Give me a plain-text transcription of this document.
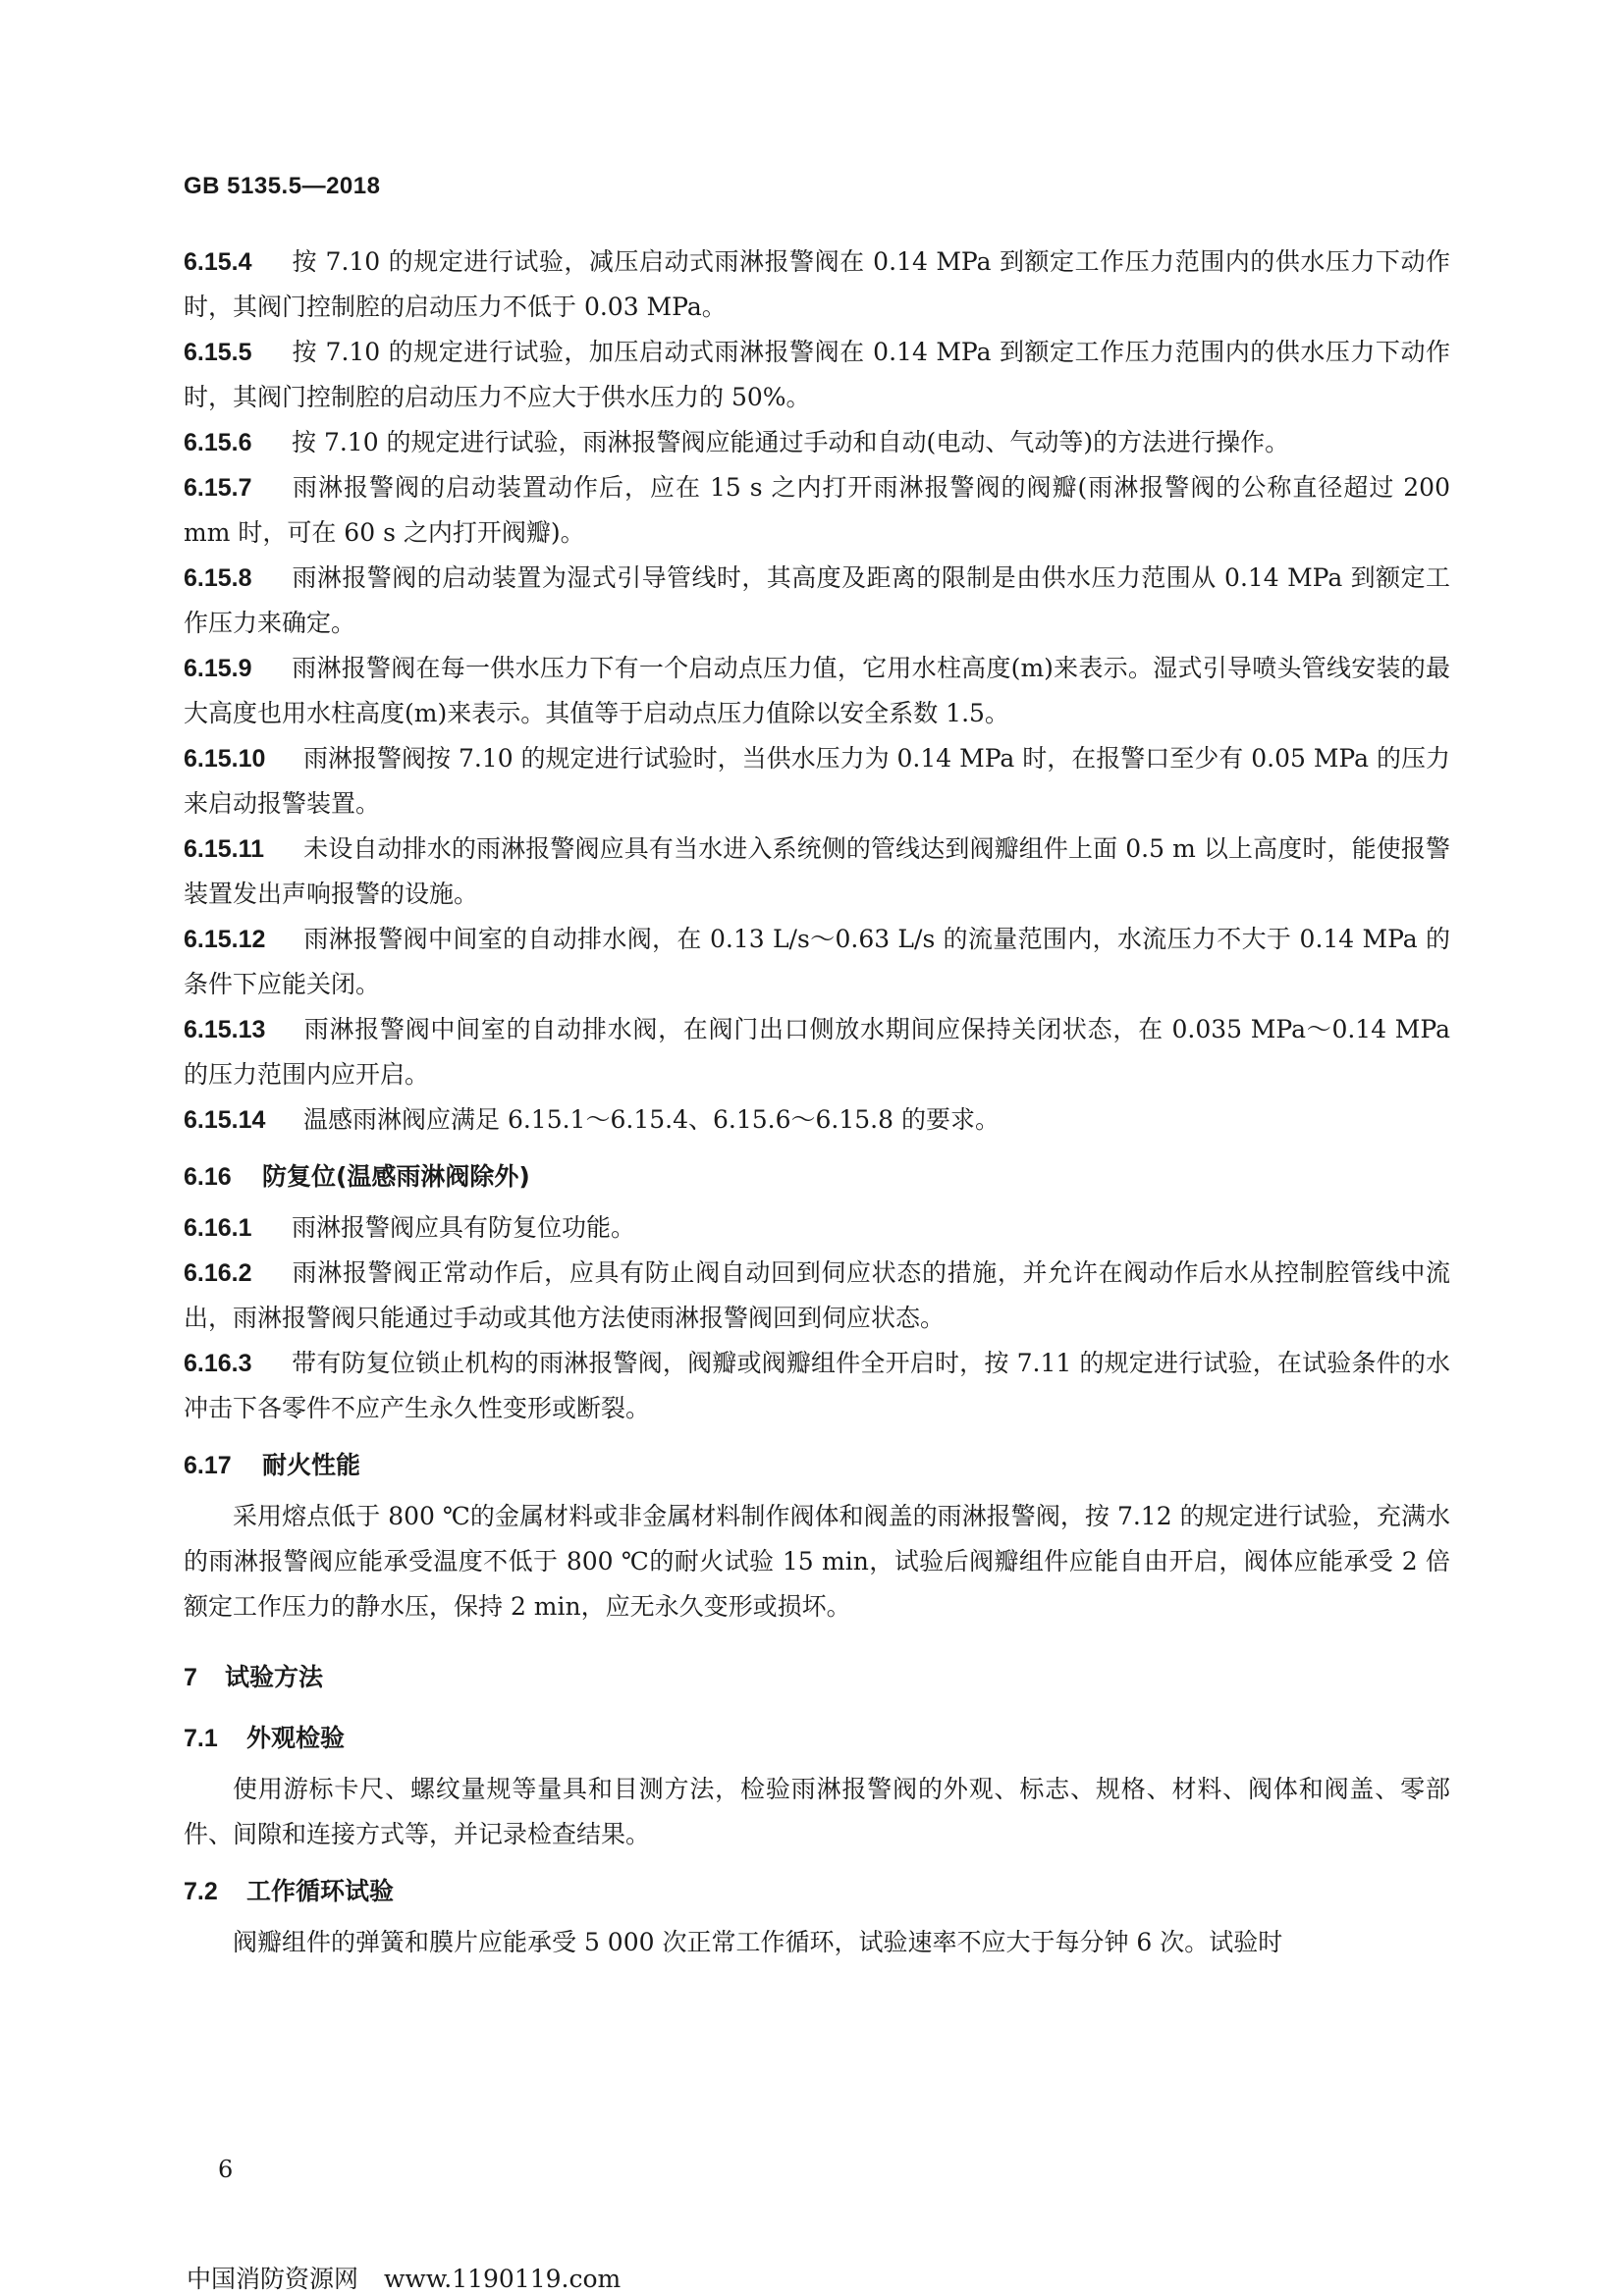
GB 5135.5—2018

6.15.4 按 7.10 的规定进行试验，减压启动式雨淋报警阀在 0.14 MPa 到额定工作压力范围内的供水压力下动作时，其阀门控制腔的启动压力不低于 0.03 MPa。

6.15.5 按 7.10 的规定进行试验，加压启动式雨淋报警阀在 0.14 MPa 到额定工作压力范围内的供水压力下动作时，其阀门控制腔的启动压力不应大于供水压力的 50%。

6.15.6 按 7.10 的规定进行试验，雨淋报警阀应能通过手动和自动(电动、气动等)的方法进行操作。

6.15.7 雨淋报警阀的启动装置动作后，应在 15 s 之内打开雨淋报警阀的阀瓣(雨淋报警阀的公称直径超过 200 mm 时，可在 60 s 之内打开阀瓣)。

6.15.8 雨淋报警阀的启动装置为湿式引导管线时，其高度及距离的限制是由供水压力范围从 0.14 MPa 到额定工作压力来确定。

6.15.9 雨淋报警阀在每一供水压力下有一个启动点压力值，它用水柱高度(m)来表示。湿式引导喷头管线安装的最大高度也用水柱高度(m)来表示。其值等于启动点压力值除以安全系数 1.5。

6.15.10 雨淋报警阀按 7.10 的规定进行试验时，当供水压力为 0.14 MPa 时，在报警口至少有 0.05 MPa 的压力来启动报警装置。

6.15.11 未设自动排水的雨淋报警阀应具有当水进入系统侧的管线达到阀瓣组件上面 0.5 m 以上高度时，能使报警装置发出声响报警的设施。

6.15.12 雨淋报警阀中间室的自动排水阀，在 0.13 L/s～0.63 L/s 的流量范围内，水流压力不大于 0.14 MPa 的条件下应能关闭。

6.15.13 雨淋报警阀中间室的自动排水阀，在阀门出口侧放水期间应保持关闭状态，在 0.035 MPa～0.14 MPa 的压力范围内应开启。

6.15.14 温感雨淋阀应满足 6.15.1～6.15.4、6.15.6～6.15.8 的要求。

6.16 防复位(温感雨淋阀除外)

6.16.1 雨淋报警阀应具有防复位功能。

6.16.2 雨淋报警阀正常动作后，应具有防止阀自动回到伺应状态的措施，并允许在阀动作后水从控制腔管线中流出，雨淋报警阀只能通过手动或其他方法使雨淋报警阀回到伺应状态。

6.16.3 带有防复位锁止机构的雨淋报警阀，阀瓣或阀瓣组件全开启时，按 7.11 的规定进行试验，在试验条件的水冲击下各零件不应产生永久性变形或断裂。

6.17 耐火性能

采用熔点低于 800 ℃的金属材料或非金属材料制作阀体和阀盖的雨淋报警阀，按 7.12 的规定进行试验，充满水的雨淋报警阀应能承受温度不低于 800 ℃的耐火试验 15 min，试验后阀瓣组件应能自由开启，阀体应能承受 2 倍额定工作压力的静水压，保持 2 min，应无永久变形或损坏。

7 试验方法
7.1 外观检验

使用游标卡尺、螺纹量规等量具和目测方法，检验雨淋报警阀的外观、标志、规格、材料、阀体和阀盖、零部件、间隙和连接方式等，并记录检查结果。

7.2 工作循环试验

阀瓣组件的弹簧和膜片应能承受 5 000 次正常工作循环，试验速率不应大于每分钟 6 次。试验时

6
中国消防资源网 www.1190119.com
